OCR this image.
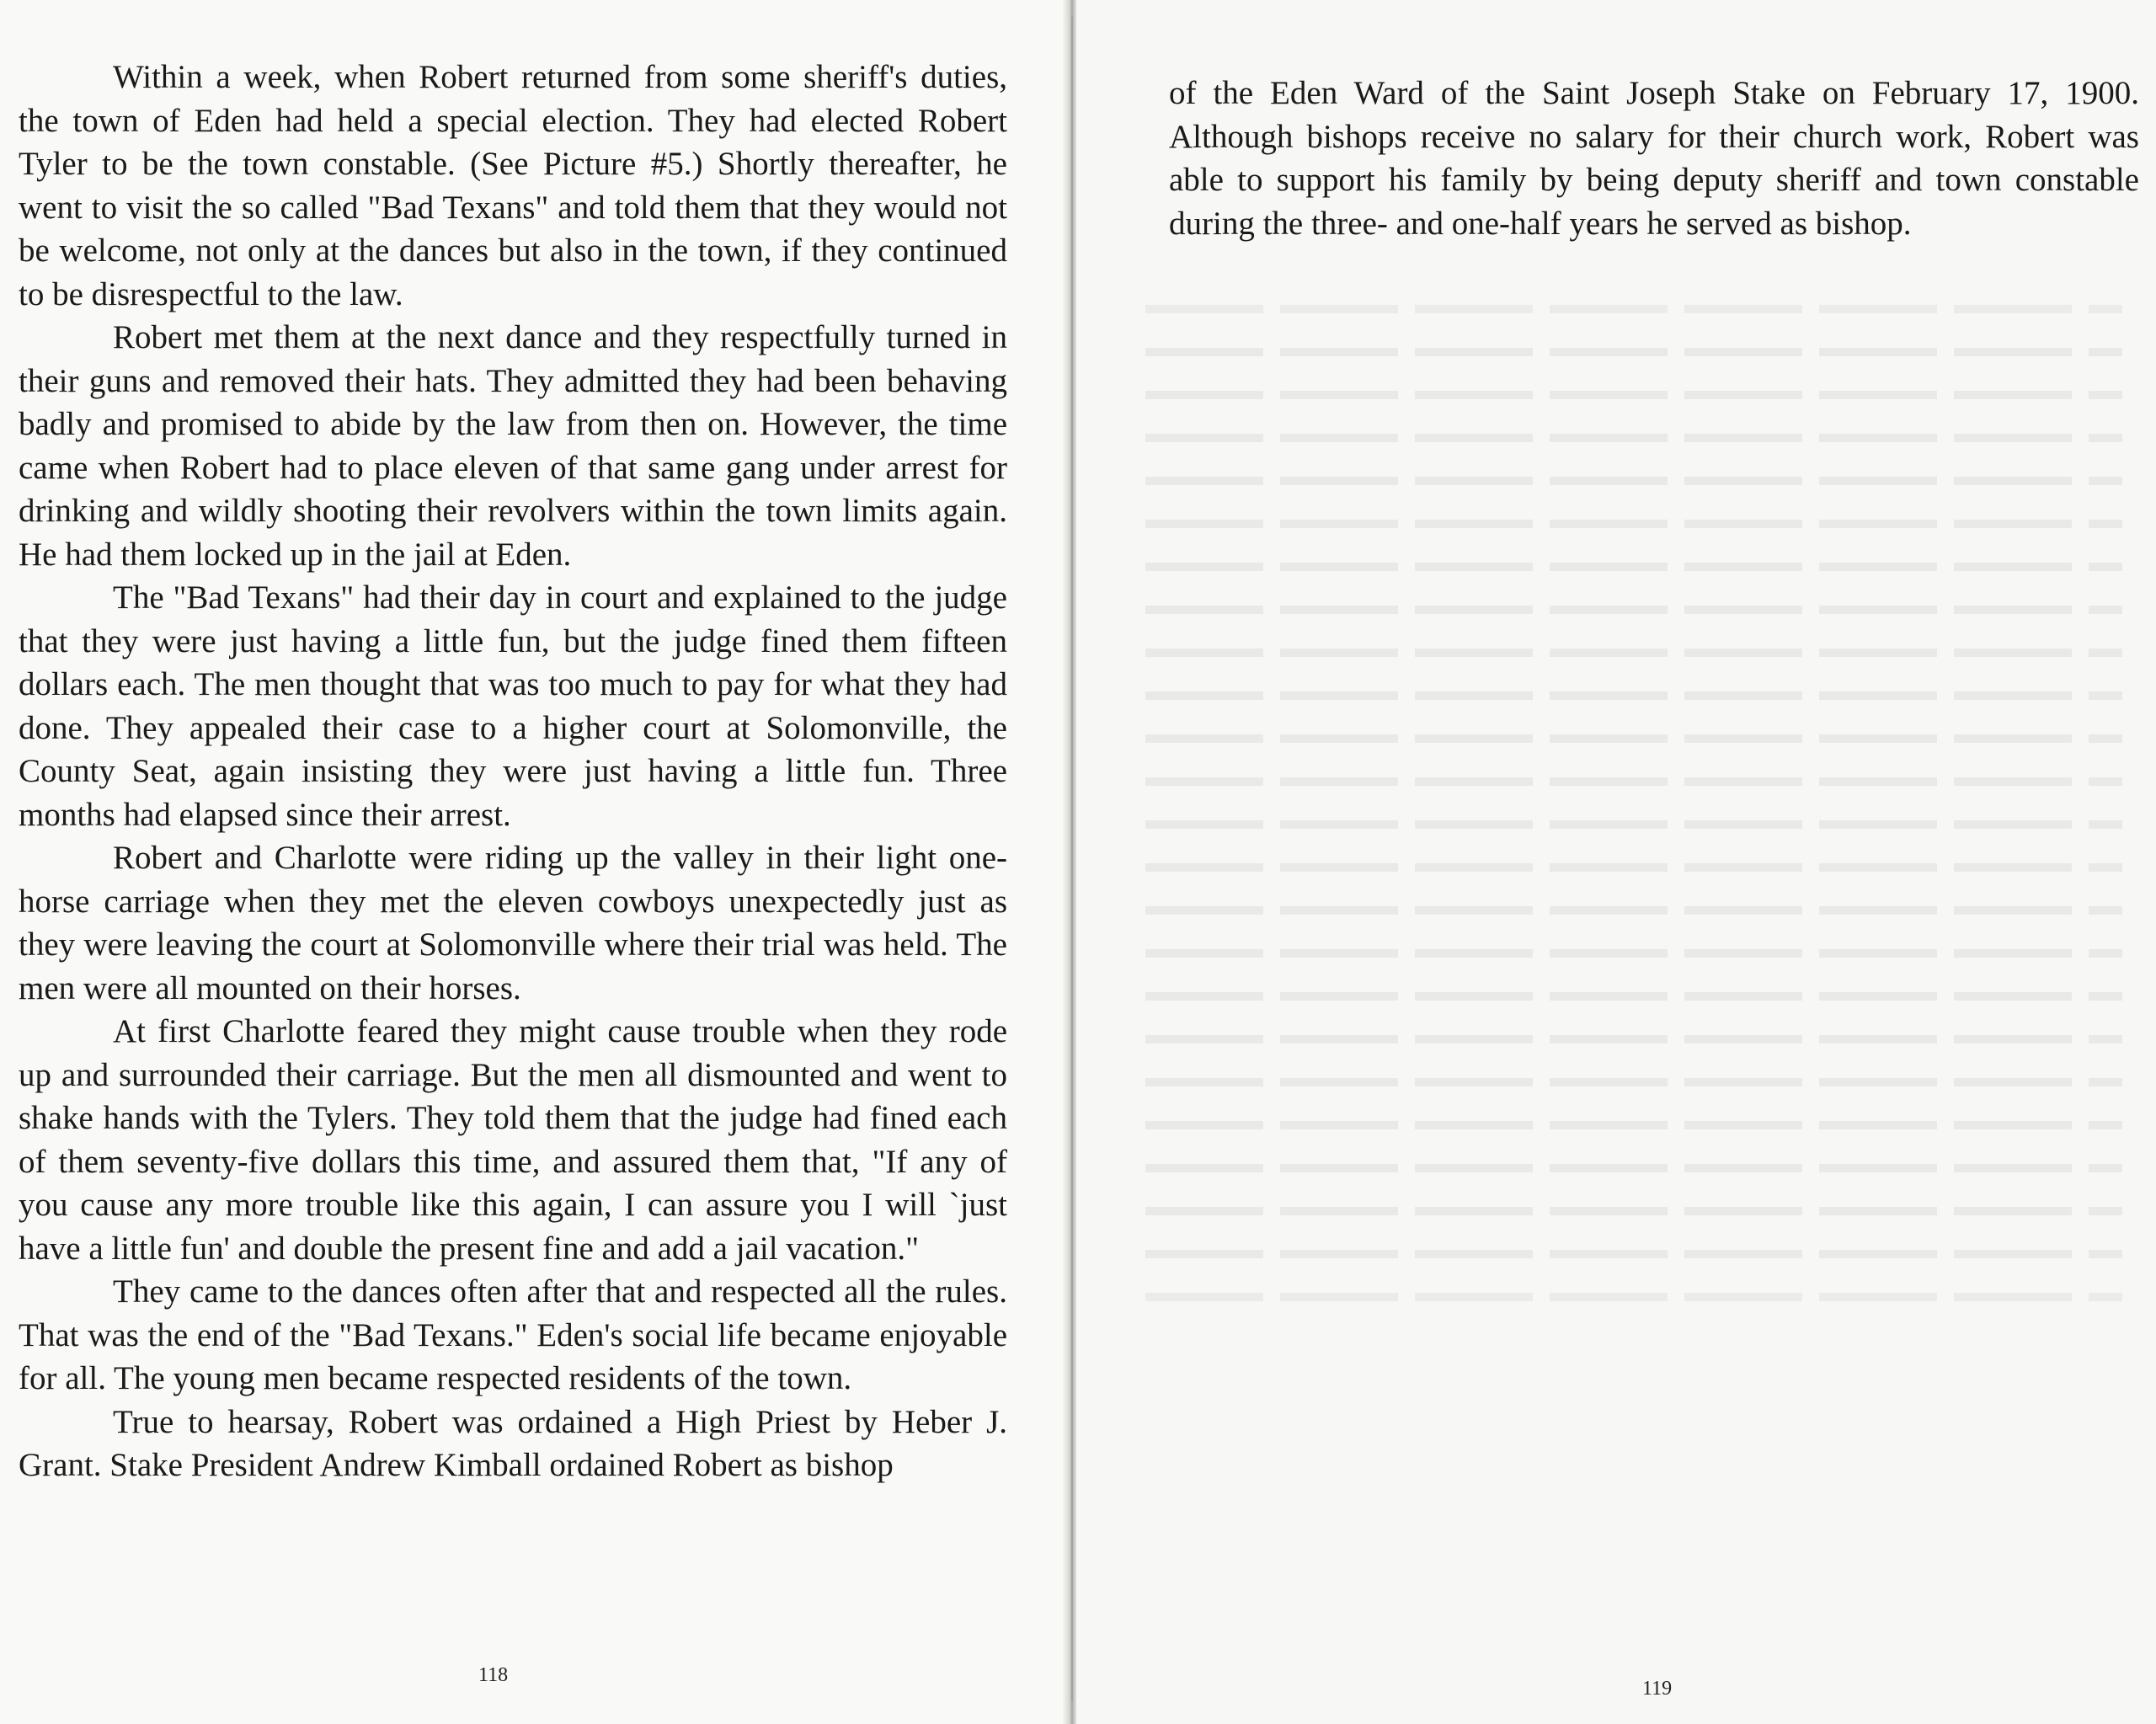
Within a week, when Robert returned from some sheriff's duties, the town of Eden had held a special election. They had elected Robert Tyler to be the town constable. (See Picture #5.) Shortly thereafter, he went to visit the so called "Bad Texans" and told them that they would not be welcome, not only at the dances but also in the town, if they continued to be disrespectful to the law.

Robert met them at the next dance and they respectfully turned in their guns and removed their hats. They admitted they had been behaving badly and promised to abide by the law from then on. However, the time came when Robert had to place eleven of that same gang under arrest for drinking and wildly shooting their revolvers within the town limits again. He had them locked up in the jail at Eden.

The "Bad Texans" had their day in court and explained to the judge that they were just having a little fun, but the judge fined them fifteen dollars each. The men thought that was too much to pay for what they had done. They appealed their case to a higher court at Solomonville, the County Seat, again insisting they were just having a little fun. Three months had elapsed since their arrest.

Robert and Charlotte were riding up the valley in their light one-horse carriage when they met the eleven cowboys unexpectedly just as they were leaving the court at Solomonville where their trial was held. The men were all mounted on their horses.

At first Charlotte feared they might cause trouble when they rode up and surrounded their carriage. But the men all dismounted and went to shake hands with the Tylers. They told them that the judge had fined each of them seventy-five dollars this time, and assured them that, "If any of you cause any more trouble like this again, I can assure you I will `just have a little fun' and double the present fine and add a jail vacation."

They came to the dances often after that and respected all the rules. That was the end of the "Bad Texans." Eden's social life became enjoyable for all. The young men became respected residents of the town.

True to hearsay, Robert was ordained a High Priest by Heber J. Grant. Stake President Andrew Kimball ordained Robert as bishop

118
119

of the Eden Ward of the Saint Joseph Stake on February 17, 1900. Although bishops receive no salary for their church work, Robert was able to support his family by being deputy sheriff and town constable during the three- and one-half years he served as bishop.
